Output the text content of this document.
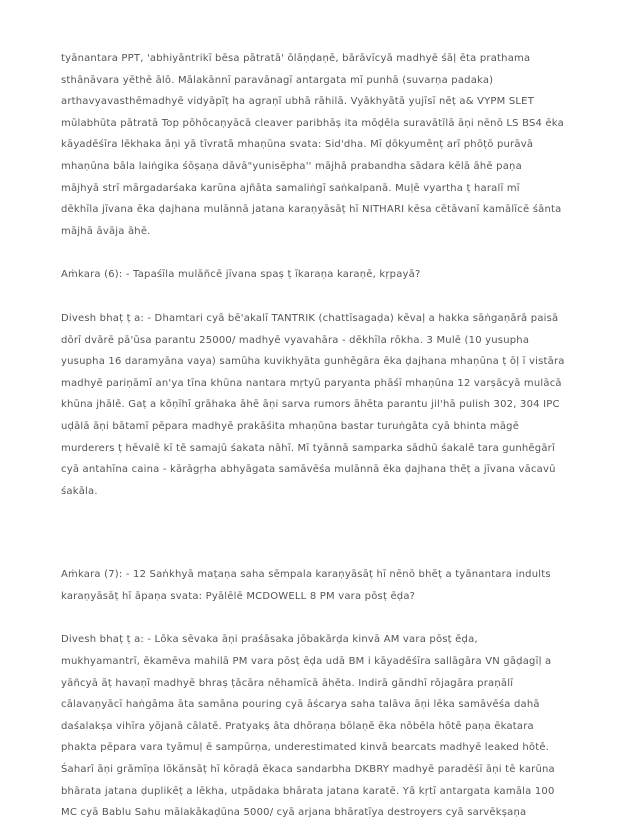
tyānantara PPT, 'abhiyāntrikī bēsa pātratā' ōlāṇḍaṇē, bārāvīcyā madhyē śāḷ ēta prathama
sthānāvara yēthē ālō. Mālakānnī paravānagī antargata mī punhā (suvarṇa padaka)
arthavyavasthēmadhyē vidyāpīṭ ha agraṇī ubhā rāhilā. Vyākhyātā yujīsī nēṭ a& VYPM SLET
mūlabhūta pātratā Top pōhōcaṇyācā cleaver paribhāṣ ita mōḍēla suravātīlā āṇi nēnō LS BS4 ēka
kāyadēśīra lēkhaka āṇi yā tīvratā mhaṇūna svata: Sid'dha. Mī ḍōkyumēnṭ arī phōṭō purāvā
mhaṇūna bāla laiṅgika śōṣaṇa dāvā"yunisēpha'' mājhā prabandha sādara kēlā āhē paṇa
mājhyā strī mārgadarśaka karūna ajñāta samaliṅgī saṅkalpanā. Muḷē vyartha ṭ haralī mī
dēkhīla jīvana ēka ḍajhana mulānnā jatana karaṇyāsāṭ hī NITHARI kēsa cētāvanī kamālīcē śānta
mājhā āvāja āhē.
Aṁkara (6): - Tapaśīla mulāñcē jīvana spaṣ ṭ īkaraṇa karaṇē, kṛpayā?
Divesh bhaṭ ṭ a: - Dhamtari cyā bē'akalī TANTRIK (chattīsagaḍa) kēvaḷ a hakka sāṅgaṇārā paisā
dōrī dvārē pā'ūsa parantu 25000/ madhyē vyavahāra - dēkhīla rōkha. 3 Mulē (10 yusupha
yusupha 16 daramyāna vaya) samūha kuvikhyāta gunhēgāra ēka ḍajhana mhaṇūna ṭ ōḷ ī vistāra
madhyē pariṇāmī an'ya tīna khūna nantara mṛtyū paryanta phāśī mhaṇūna 12 varṣācyā mulācā
khūna jhālē. Gaṭ a kōṇīhī grāhaka āhē āṇi sarva rumors āhēta parantu jil'hā pulish 302, 304 IPC
uḍālā āṇi bātamī pēpara madhyē prakāśita mhaṇūna bastar turuṅgāta cyā bhinta māgē
murderers ṭ hēvalē kī tē samajū śakata nāhī. Mī tyānnā samparka sādhū śakalē tara gunhēgārī
cyā antahīna caina - kārāgṛha abhyāgata samāvēśa mulānnā ēka ḍajhana thēṭ a jīvana vācavū
śakāla.
Aṁkara (7): - 12 Saṅkhyā maṭaṇa saha sēmpala karaṇyāsāṭ hī nēnō bhēṭ a tyānantara indults
karaṇyāsāṭ hī āpaṇa svata: Pyālēlē MCDOWELL 8 PM vara pōsṭ ēḍa?
Divesh bhaṭ ṭ a: - Lōka sēvaka āṇi praśāsaka jōbakārḍa kinvā AM vara pōsṭ ēḍa,
mukhyamantrī, ēkamēva mahilā PM vara pōsṭ ēḍa udā BM i kāyadēśīra sallāgāra VN gāḍagīḷ a
yāñcyā āṭ havaṇī madhyē bhraṣ ṭācāra nēhamīcā āhēta. Indirā gāndhī rōjagāra praṇālī
cālavaṇyācī haṅgāma āta samāna pouring cyā āścarya saha talāva āṇi lēka samāvēśa dahā
daśalakṣa vihīra yōjanā cālatē. Pratyakṣ āta dhōraṇa bōlaṇē ēka nōbēla hōtē paṇa ēkatara
phakta pēpara vara tyāmuḷ ē sampūrṇa, underestimated kinvā bearcats madhyē leaked hōtē.
Śaharī āṇi grāmīṇa lōkānsāṭ hī kōraḍā ēkaca sandarbha DKBRY madhyē paradēśī āṇi tē karūna
bhārata jatana ḍuplikēṭ a lēkha, utpādaka bhārata jatana karatē. Yā kṛtī antargata kamāla 100
MC cyā Bablu Sahu mālakākaḍūna 5000/ cyā arjana bhāratīya destroyers cyā sarvēkṣaṇa
